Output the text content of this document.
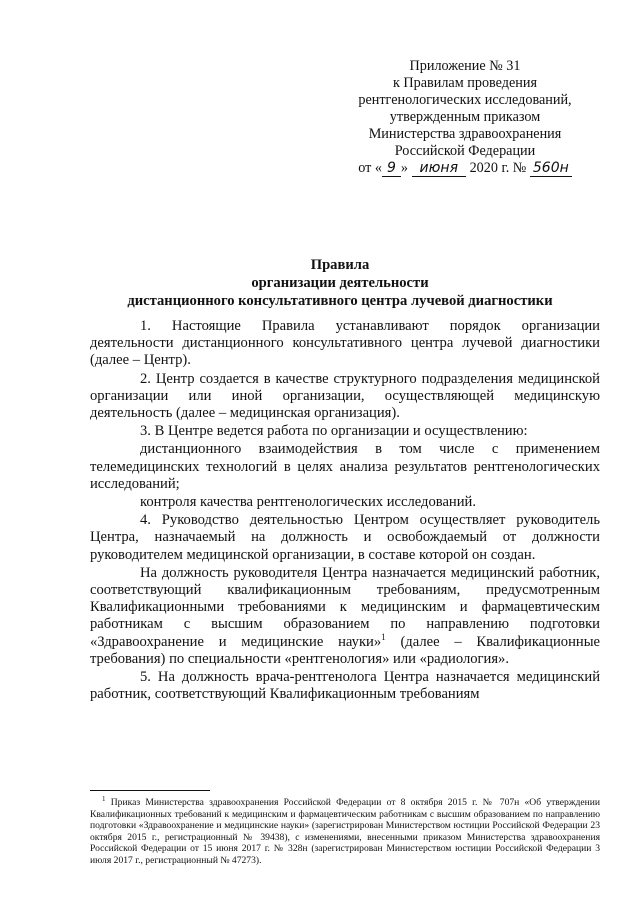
Приложение № 31
к Правилам проведения
рентгенологических исследований,
утвержденным приказом
Министерства здравоохранения
Российской Федерации
от « 9 » июня 2020 г. № 560н
Правила
организации деятельности
дистанционного консультативного центра лучевой диагностики

1. Настоящие Правила устанавливают порядок организации деятельности дистанционного консультативного центра лучевой диагностики (далее – Центр).

2. Центр создается в качестве структурного подразделения медицинской организации или иной организации, осуществляющей медицинскую деятельность (далее – медицинская организация).

3. В Центре ведется работа по организации и осуществлению:

дистанционного взаимодействия в том числе с применением телемедицинских технологий в целях анализа результатов рентгенологических исследований;

контроля качества рентгенологических исследований.

4. Руководство деятельностью Центром осуществляет руководитель Центра, назначаемый на должность и освобождаемый от должности руководителем медицинской организации, в составе которой он создан.

На должность руководителя Центра назначается медицинский работник, соответствующий квалификационным требованиям, предусмотренным Квалификационными требованиями к медицинским и фармацевтическим работникам с высшим образованием по направлению подготовки «Здравоохранение и медицинские науки»$^1$ (далее – Квалификационные требования) по специальности «рентгенология» или «радиология».

5. На должность врача-рентгенолога Центра назначается медицинский работник, соответствующий Квалификационным требованиям

$^1$ Приказ Министерства здравоохранения Российской Федерации от 8 октября 2015 г. № 707н «Об утверждении Квалификационных требований к медицинским и фармацевтическим работникам с высшим образованием по направлению подготовки «Здравоохранение и медицинские науки» (зарегистрирован Министерством юстиции Российской Федерации 23 октября 2015 г., регистрационный № 39438), с изменениями, внесенными приказом Министерства здравоохранения Российской Федерации от 15 июня 2017 г. № 328н (зарегистрирован Министерством юстиции Российской Федерации 3 июля 2017 г., регистрационный № 47273).
